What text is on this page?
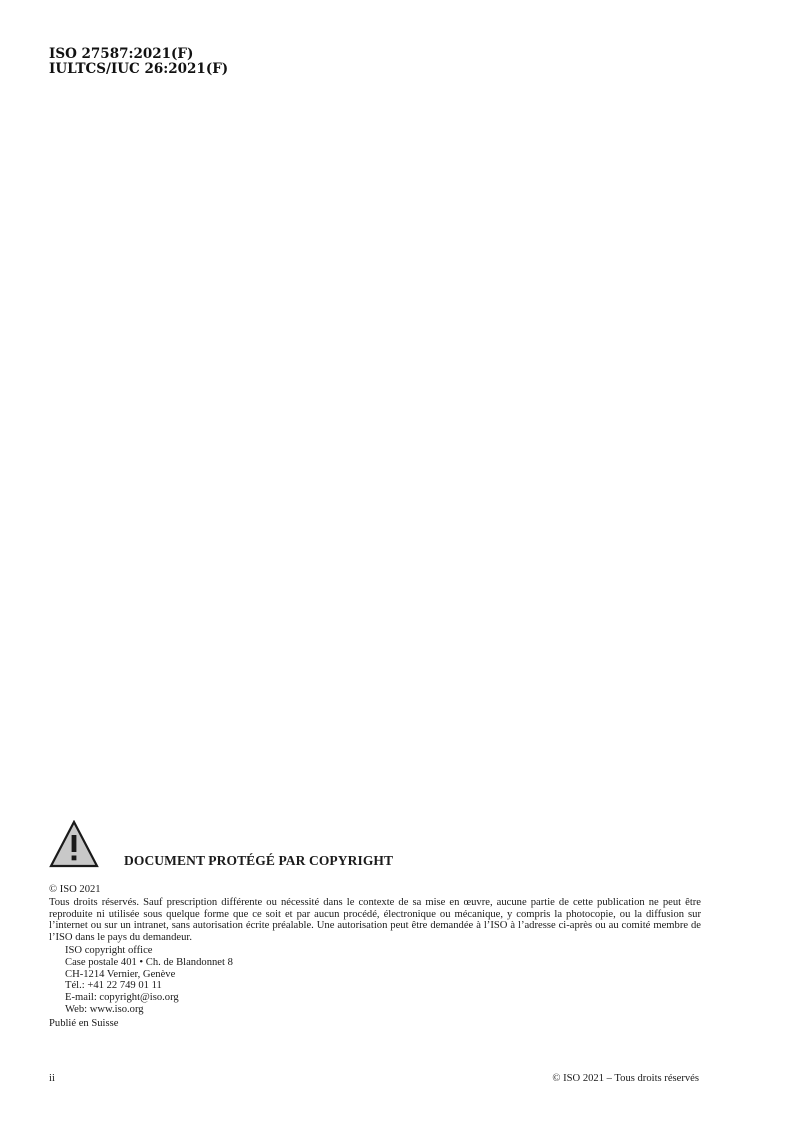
ISO 27587:2021(F)
IULTCS/IUC 26:2021(F)
DOCUMENT PROTÉGÉ PAR COPYRIGHT
© ISO 2021
Tous droits réservés. Sauf prescription différente ou nécessité dans le contexte de sa mise en œuvre, aucune partie de cette publication ne peut être reproduite ni utilisée sous quelque forme que ce soit et par aucun procédé, électronique ou mécanique, y compris la photocopie, ou la diffusion sur l’internet ou sur un intranet, sans autorisation écrite préalable. Une autorisation peut être demandée à l’ISO à l’adresse ci-après ou au comité membre de l’ISO dans le pays du demandeur.
ISO copyright office
Case postale 401 • Ch. de Blandonnet 8
CH-1214 Vernier, Genève
Tél.: +41 22 749 01 11
E-mail: copyright@iso.org
Web: www.iso.org
Publié en Suisse
ii	© ISO 2021 – Tous droits réservés
